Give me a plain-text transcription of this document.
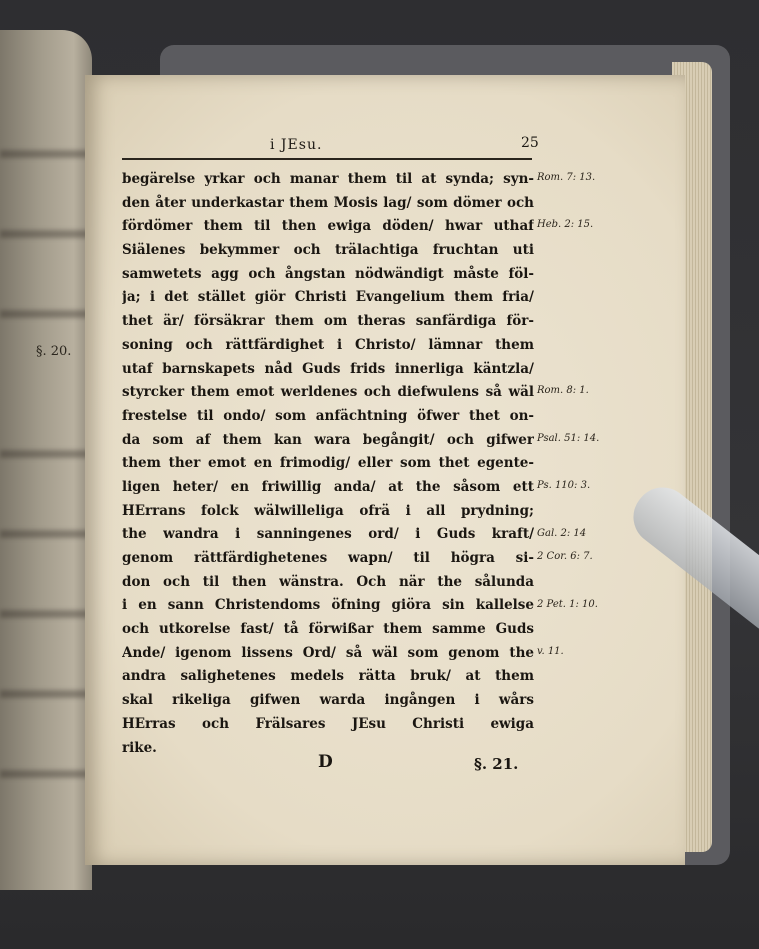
§. 20.
i JEsu.	25
begärelse yrkar och manar them til at synda; syn-
den åter underkastar them Mosis lag/ som dömer och
fördömer them til then ewiga döden/ hwar uthaf
Siälenes bekymmer och trälachtiga fruchtan uti
samwetets agg och ångstan nödwändigt måste föl-
ja; i det stället giör Christi Evangelium them fria/
thet är/ försäkrar them om theras sanfärdiga för-
soning och rättfärdighet i Christo/ lämnar them
utaf barnskapets nåd Guds frids innerliga käntzla/
styrcker them emot werldenes och diefwulens så wäl
frestelse til ondo/ som anfächtning öfwer thet on-
da som af them kan wara begångit/ och gifwer
them ther emot en frimodig/ eller som thet egente-
ligen heter/ en friwillig anda/ at the såsom ett
HErrans folck wälwilleliga ofrä i all prydning;
the wandra i sanningenes ord/ i Guds kraft/
genom rättfärdighetenes wapn/ til högra si-
don och til then wänstra. Och när the sålunda
i en sann Christendoms öfning giöra sin kallelse
och utkorelse fast/ tå förwißar them samme Guds
Ande/ igenom lissens Ord/ så wäl som genom the
andra salighetenes medels rätta bruk/ at them
skal rikeliga gifwen warda ingången i wårs
HErras och Frälsares JEsu Christi ewiga
rike.
Rom. 7: 13.
Heb. 2: 15.
Rom. 8: 1.
Psal. 51: 14.
Ps. 110: 3.
Gal. 2: 14
2 Cor. 6: 7.
2 Pet. 1: 10.
v. 11.
D	§. 21.
